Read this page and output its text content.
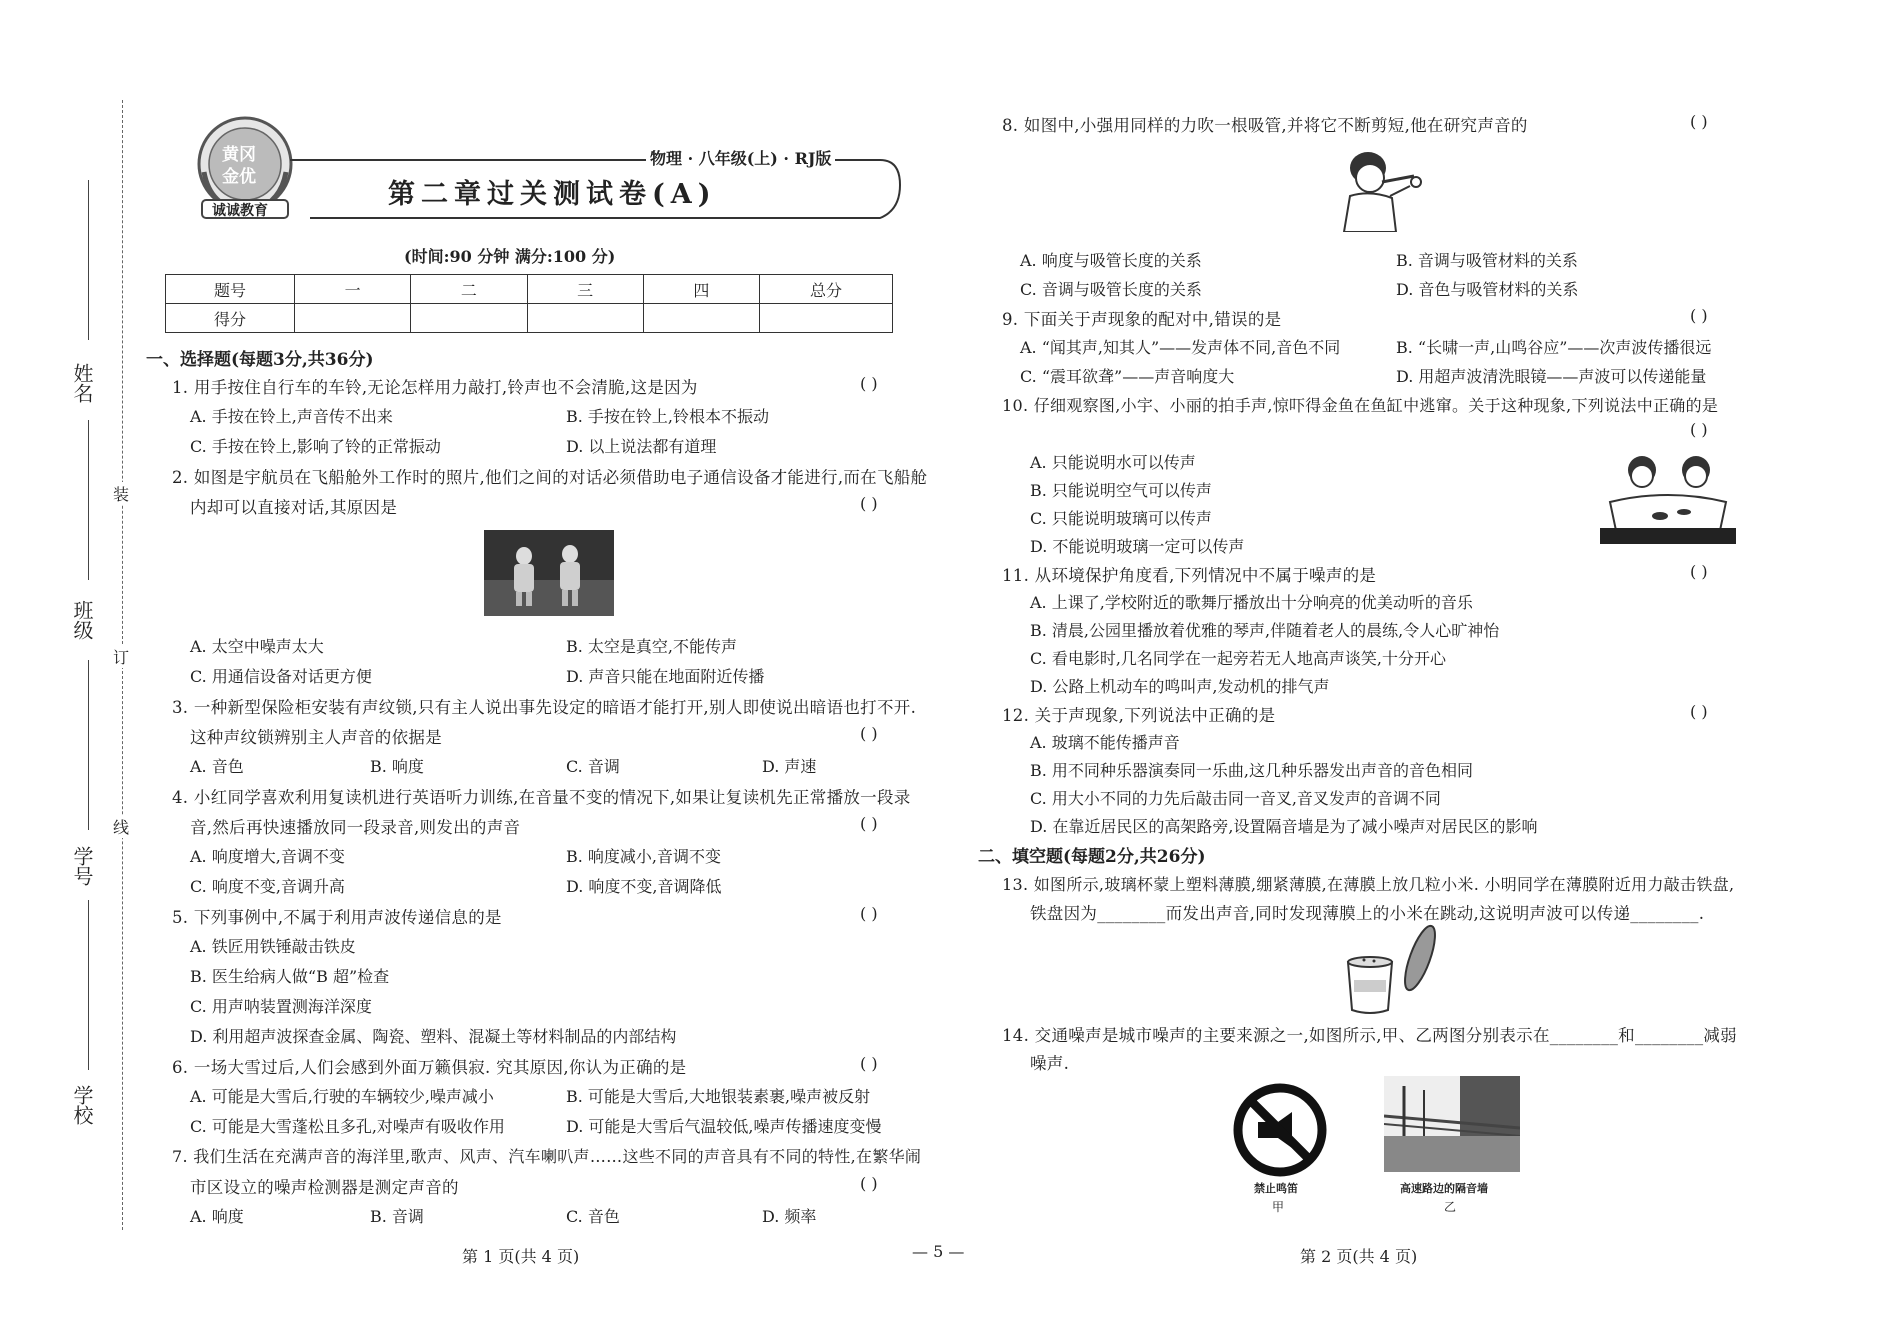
姓名
班级
学号
学校
装
订
线
黄冈
金优
诚诚教育
物理 · 八年级(上) · RJ版
第二章过关测试卷(A)
(时间:90 分钟 满分:100 分)
题号	一	二	三	四	总分
得分					
一、选择题(每题3分,共36分)
1. 用手按住自行车的车铃,无论怎样用力敲打,铃声也不会清脆,这是因为	( )
A. 手按在铃上,声音传不出来	B. 手按在铃上,铃根本不振动
C. 手按在铃上,影响了铃的正常振动	D. 以上说法都有道理
2. 如图是宇航员在飞船舱外工作时的照片,他们之间的对话必须借助电子通信设备才能进行,而在飞船舱
内却可以直接对话,其原因是	( )
A. 太空中噪声太大	B. 太空是真空,不能传声
C. 用通信设备对话更方便	D. 声音只能在地面附近传播
3. 一种新型保险柜安装有声纹锁,只有主人说出事先设定的暗语才能打开,别人即使说出暗语也打不开.
这种声纹锁辨别主人声音的依据是	( )
A. 音色	B. 响度	C. 音调	D. 声速
4. 小红同学喜欢利用复读机进行英语听力训练,在音量不变的情况下,如果让复读机先正常播放一段录
音,然后再快速播放同一段录音,则发出的声音	( )
A. 响度增大,音调不变	B. 响度减小,音调不变
C. 响度不变,音调升高	D. 响度不变,音调降低
5. 下列事例中,不属于利用声波传递信息的是	( )
A. 铁匠用铁锤敲击铁皮
B. 医生给病人做“B 超”检查
C. 用声呐装置测海洋深度
D. 利用超声波探查金属、陶瓷、塑料、混凝土等材料制品的内部结构
6. 一场大雪过后,人们会感到外面万籁俱寂. 究其原因,你认为正确的是	( )
A. 可能是大雪后,行驶的车辆较少,噪声减小	B. 可能是大雪后,大地银装素裹,噪声被反射
C. 可能是大雪蓬松且多孔,对噪声有吸收作用	D. 可能是大雪后气温较低,噪声传播速度变慢
7. 我们生活在充满声音的海洋里,歌声、风声、汽车喇叭声……这些不同的声音具有不同的特性,在繁华闹
市区设立的噪声检测器是测定声音的	( )
A. 响度	B. 音调	C. 音色	D. 频率
8. 如图中,小强用同样的力吹一根吸管,并将它不断剪短,他在研究声音的	( )
A. 响度与吸管长度的关系	B. 音调与吸管材料的关系
C. 音调与吸管长度的关系	D. 音色与吸管材料的关系
9. 下面关于声现象的配对中,错误的是	( )
A. “闻其声,知其人”——发声体不同,音色不同	B. “长啸一声,山鸣谷应”——次声波传播很远
C. “震耳欲聋”——声音响度大	D. 用超声波清洗眼镜——声波可以传递能量
10. 仔细观察图,小宇、小丽的拍手声,惊吓得金鱼在鱼缸中逃窜。关于这种现象,下列说法中正确的是
( )
A. 只能说明水可以传声
B. 只能说明空气可以传声
C. 只能说明玻璃可以传声
D. 不能说明玻璃一定可以传声
11. 从环境保护角度看,下列情况中不属于噪声的是	( )
A. 上课了,学校附近的歌舞厅播放出十分响亮的优美动听的音乐
B. 清晨,公园里播放着优雅的琴声,伴随着老人的晨练,令人心旷神怡
C. 看电影时,几名同学在一起旁若无人地高声谈笑,十分开心
D. 公路上机动车的鸣叫声,发动机的排气声
12. 关于声现象,下列说法中正确的是	( )
A. 玻璃不能传播声音
B. 用不同种乐器演奏同一乐曲,这几种乐器发出声音的音色相同
C. 用大小不同的力先后敲击同一音叉,音叉发声的音调不同
D. 在靠近居民区的高架路旁,设置隔音墙是为了减小噪声对居民区的影响
二、填空题(每题2分,共26分)
13. 如图所示,玻璃杯蒙上塑料薄膜,绷紧薄膜,在薄膜上放几粒小米. 小明同学在薄膜附近用力敲击铁盘,
铁盘因为________而发出声音,同时发现薄膜上的小米在跳动,这说明声波可以传递________.
14. 交通噪声是城市噪声的主要来源之一,如图所示,甲、乙两图分别表示在________和________减弱
噪声.
禁止鸣笛
甲
高速路边的隔音墙
乙
第 1 页(共 4 页)	— 5 —	第 2 页(共 4 页)
